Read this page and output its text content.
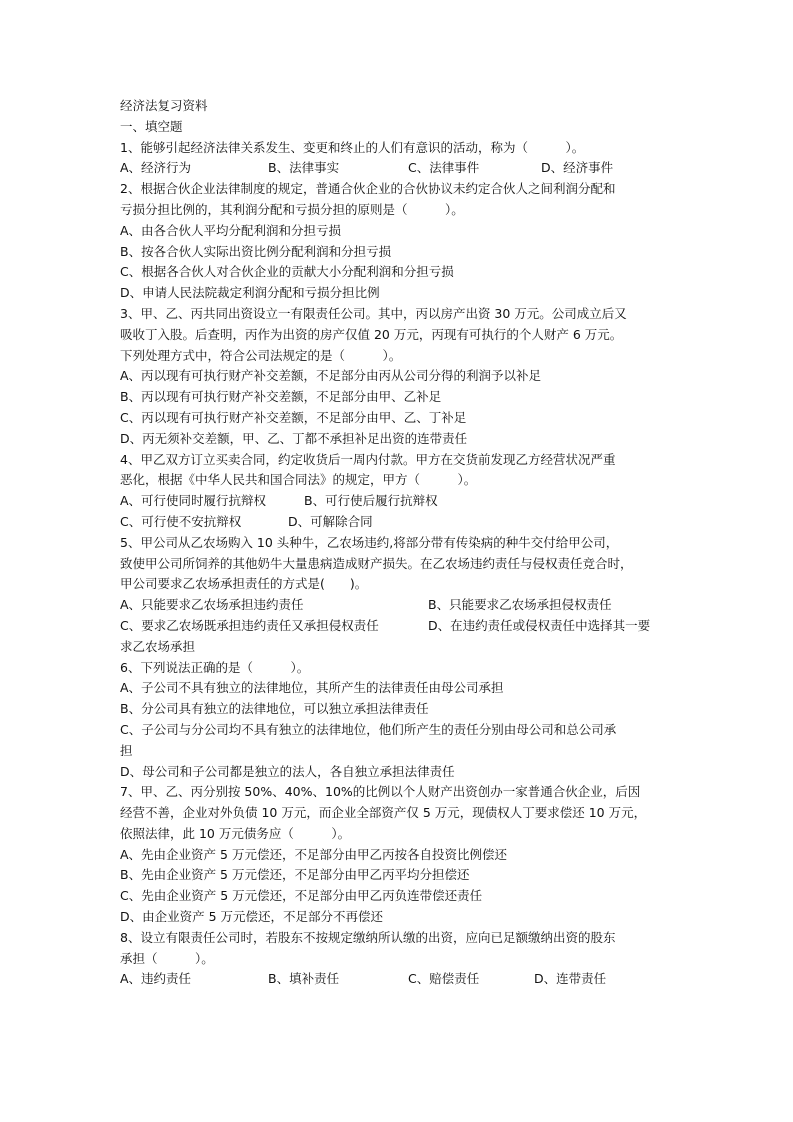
经济法复习资料
一、填空题
1、能够引起经济法律关系发生、变更和终止的人们有意识的活动，称为（　　　）。
A、经济行为	B、法律事实	C、法律事件	D、经济事件
2、根据合伙企业法律制度的规定，普通合伙企业的合伙协议未约定合伙人之间利润分配和
亏损分担比例的，其利润分配和亏损分担的原则是（　　　）。
A、由各合伙人平均分配利润和分担亏损
B、按各合伙人实际出资比例分配利润和分担亏损
C、根据各合伙人对合伙企业的贡献大小分配利润和分担亏损
D、申请人民法院裁定利润分配和亏损分担比例
3、甲、乙、丙共同出资设立一有限责任公司。其中，丙以房产出资 30 万元。公司成立后又
吸收丁入股。后查明，丙作为出资的房产仅值 20 万元，丙现有可执行的个人财产 6 万元。
下列处理方式中，符合公司法规定的是（　　　）。
A、丙以现有可执行财产补交差额，不足部分由丙从公司分得的利润予以补足
B、丙以现有可执行财产补交差额，不足部分由甲、乙补足
C、丙以现有可执行财产补交差额，不足部分由甲、乙、丁补足
D、丙无须补交差额，甲、乙、丁都不承担补足出资的连带责任
4、甲乙双方订立买卖合同，约定收货后一周内付款。甲方在交货前发现乙方经营状况严重
恶化，根据《中华人民共和国合同法》的规定，甲方（　　　）。
A、可行使同时履行抗辩权	B、可行使后履行抗辩权
C、可行使不安抗辩权	D、可解除合同
5、甲公司从乙农场购入 10 头种牛，乙农场违约,将部分带有传染病的种牛交付给甲公司，
致使甲公司所饲养的其他奶牛大量患病造成财产损失。在乙农场违约责任与侵权责任竞合时，
甲公司要求乙农场承担责任的方式是(　　)。
A、只能要求乙农场承担违约责任	B、只能要求乙农场承担侵权责任
C、要求乙农场既承担违约责任又承担侵权责任	D、在违约责任或侵权责任中选择其一要
求乙农场承担
6、下列说法正确的是（　　　）。
A、子公司不具有独立的法律地位，其所产生的法律责任由母公司承担
B、分公司具有独立的法律地位，可以独立承担法律责任
C、子公司与分公司均不具有独立的法律地位，他们所产生的责任分别由母公司和总公司承
担
D、母公司和子公司都是独立的法人，各自独立承担法律责任
7、甲、乙、丙分别按 50%、40%、10%的比例以个人财产出资创办一家普通合伙企业，后因
经营不善，企业对外负债 10 万元，而企业全部资产仅 5 万元，现债权人丁要求偿还 10 万元，
依照法律，此 10 万元债务应（　　　）。
A、先由企业资产 5 万元偿还，不足部分由甲乙丙按各自投资比例偿还
B、先由企业资产 5 万元偿还，不足部分由甲乙丙平均分担偿还
C、先由企业资产 5 万元偿还，不足部分由甲乙丙负连带偿还责任
D、由企业资产 5 万元偿还，不足部分不再偿还
8、设立有限责任公司时，若股东不按规定缴纳所认缴的出资，应向已足额缴纳出资的股东
承担（　　　）。
A、违约责任	B、填补责任	C、赔偿责任	D、连带责任
